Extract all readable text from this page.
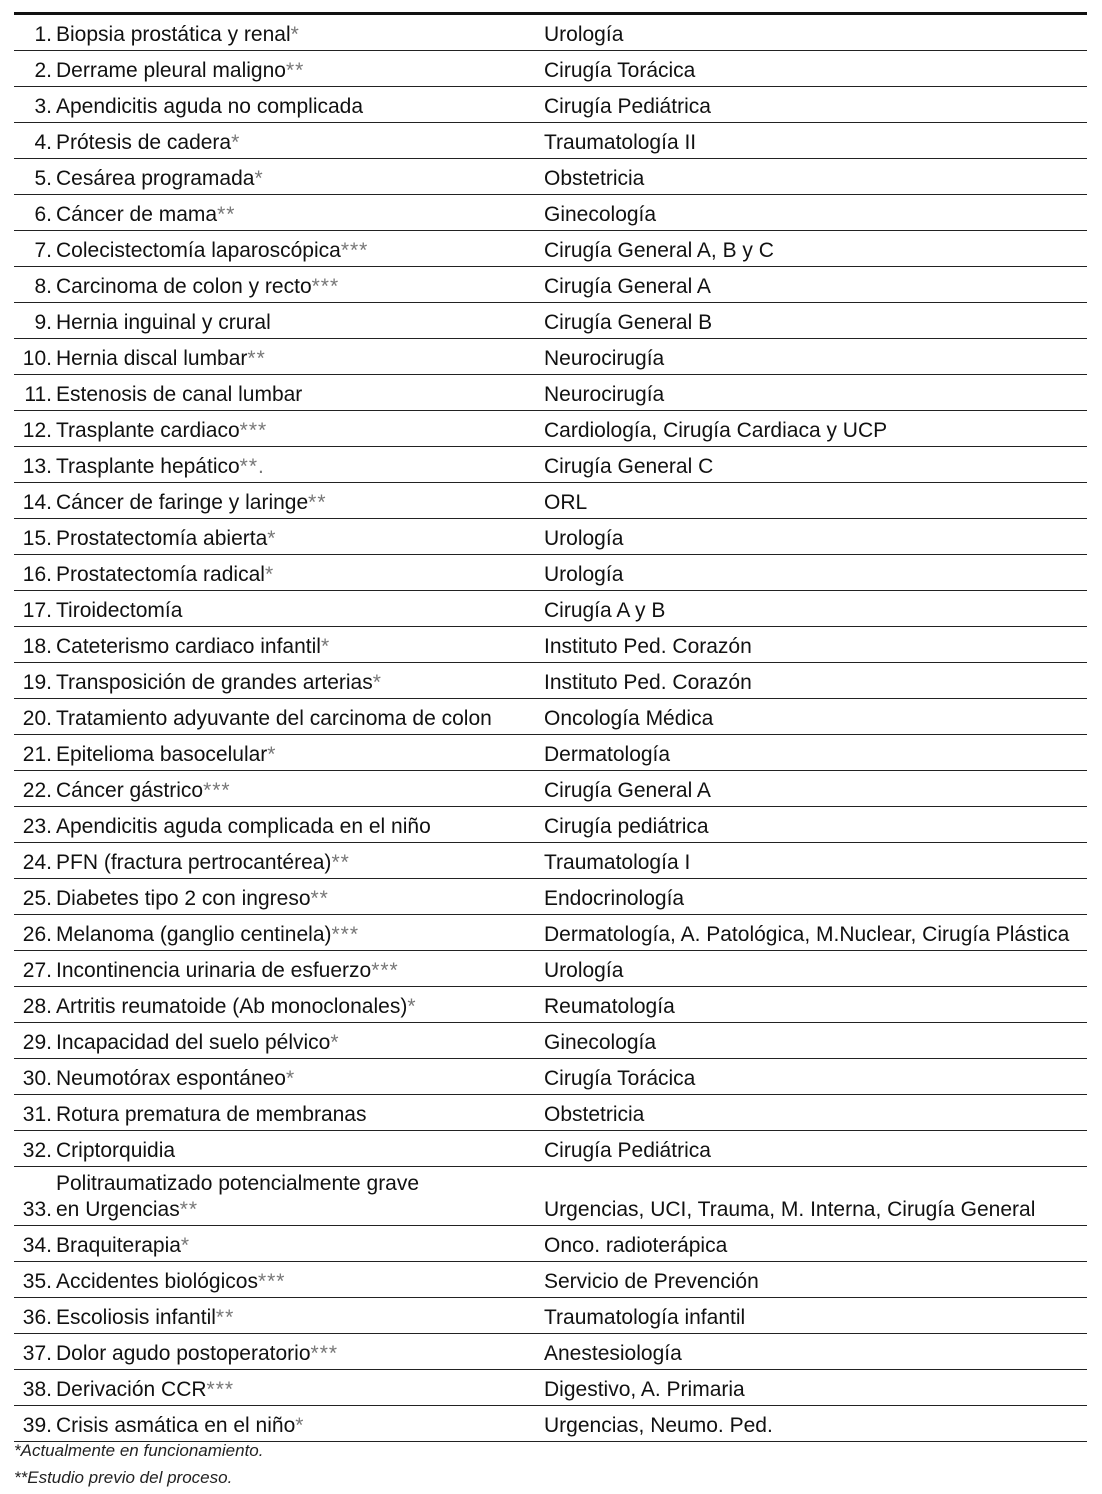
1.	Biopsia prostática y renal*	Urología
2.	Derrame pleural maligno**	Cirugía Torácica
3.	Apendicitis aguda no complicada	Cirugía Pediátrica
4.	Prótesis de cadera*	Traumatología II
5.	Cesárea programada*	Obstetricia
6.	Cáncer de mama**	Ginecología
7.	Colecistectomía laparoscópica***	Cirugía General A, B y C
8.	Carcinoma de colon y recto***	Cirugía General A
9.	Hernia inguinal y crural	Cirugía General B
10.	Hernia discal lumbar**	Neurocirugía
11.	Estenosis de canal lumbar	Neurocirugía
12.	Trasplante cardiaco***	Cardiología, Cirugía Cardiaca y UCP
13.	Trasplante hepático**.	Cirugía General C
14.	Cáncer de faringe y laringe**	ORL
15.	Prostatectomía abierta*	Urología
16.	Prostatectomía radical*	Urología
17.	Tiroidectomía	Cirugía A y B
18.	Cateterismo cardiaco infantil*	Instituto Ped. Corazón
19.	Transposición de grandes arterias*	Instituto Ped. Corazón
20.	Tratamiento adyuvante del carcinoma de colon	Oncología Médica
21.	Epitelioma basocelular*	Dermatología
22.	Cáncer gástrico***	Cirugía General A
23.	Apendicitis aguda complicada en el niño	Cirugía pediátrica
24.	PFN (fractura pertrocantérea)**	Traumatología I
25.	Diabetes tipo 2 con ingreso**	Endocrinología
26.	Melanoma (ganglio centinela)***	Dermatología, A. Patológica, M.Nuclear, Cirugía Plástica
27.	Incontinencia urinaria de esfuerzo***	Urología
28.	Artritis reumatoide (Ab monoclonales)*	Reumatología
29.	Incapacidad del suelo pélvico*	Ginecología
30.	Neumotórax espontáneo*	Cirugía Torácica
31.	Rotura prematura de membranas	Obstetricia
32.	Criptorquidia	Cirugía Pediátrica
33.	Politraumatizado potencialmente grave
en Urgencias**	Urgencias, UCI, Trauma, M. Interna, Cirugía General
34.	Braquiterapia*	Onco. radioterápica
35.	Accidentes biológicos***	Servicio de Prevención
36.	Escoliosis infantil**	Traumatología infantil
37.	Dolor agudo postoperatorio***	Anestesiología
38.	Derivación CCR***	Digestivo, A. Primaria
39.	Crisis asmática en el niño*	Urgencias, Neumo. Ped.
*Actualmente en funcionamiento.
**Estudio previo del proceso.
